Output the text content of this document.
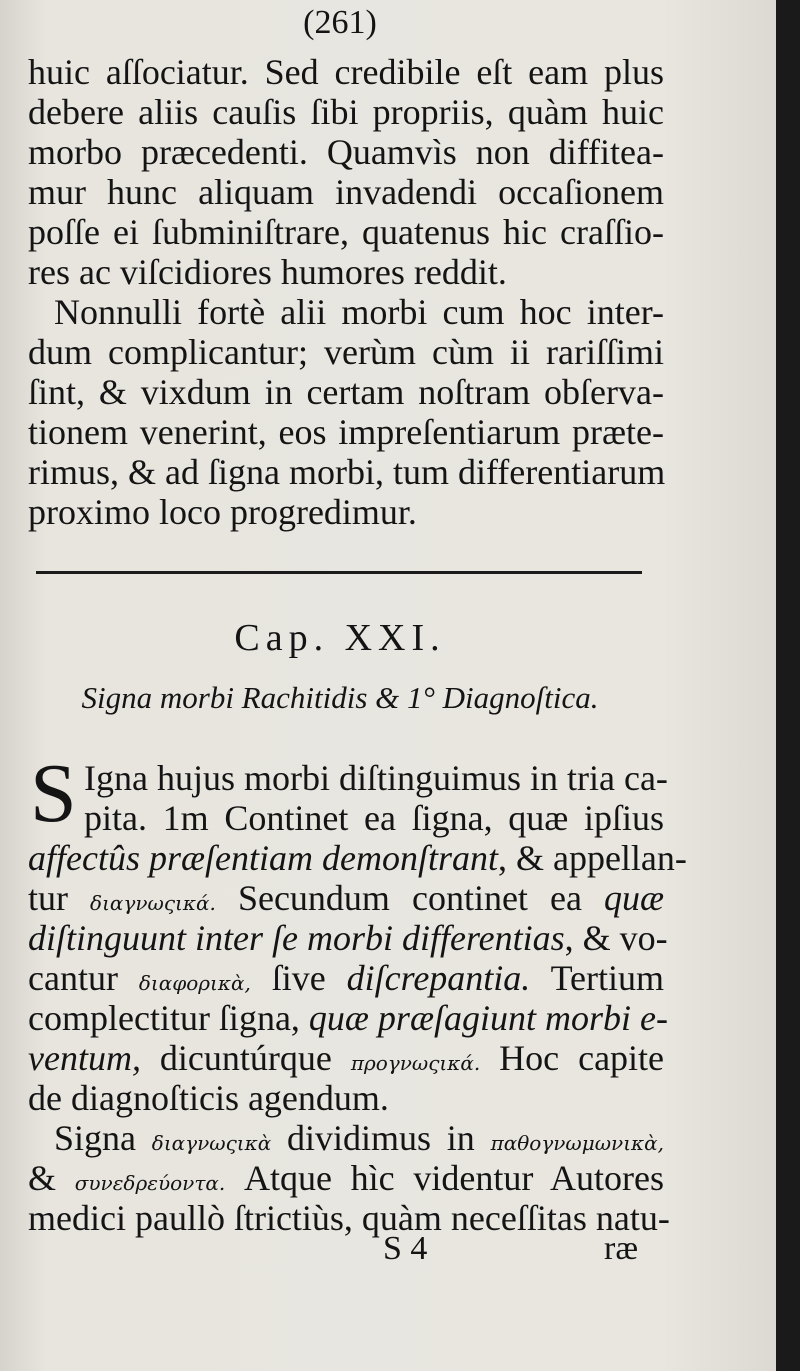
(261)

huic aſſociatur. Sed credibile eſt eam plus

debere aliis cauſis ſibi propriis, quàm huic

morbo præcedenti. Quamvìs non diffitea-

mur hunc aliquam invadendi occaſionem

poſſe ei ſubminiſtrare, quatenus hic craſſio-

res ac viſcidiores humores reddit.

Nonnulli fortè alii morbi cum hoc inter-

dum complicantur; verùm cùm ii rariſſimi

ſint, & vixdum in certam noſtram obſerva-

tionem venerint, eos impreſentiarum præte-

rimus, & ad ſigna morbi, tum differentiarum

proximo loco progredimur.

Cap. XXI.
Signa morbi Rachitidis & 1° Diagnoſtica.
S Igna hujus morbi diſtinguimus in tria ca-

pita. 1m Continet ea ſigna, quæ ipſius

affectûs præſentiam demonſtrant, & appellan-

tur διαγνωςικά. Secundum continet ea quæ

diſtinguunt inter ſe morbi differentias, & vo-

cantur διαφορικὰ, ſive diſcrepantia. Tertium

complectitur ſigna, quæ præſagiunt morbi e-

ventum, dicuntúrque προγνωςικά. Hoc capite

de diagnoſticis agendum.

Signa διαγνωςικὰ dividimus in παθογνωμωνικὰ,

& συνεδρεύοντα. Atque hìc videntur Autores

medici paullò ſtrictiùs, quàm neceſſitas natu-

S 4	ræ
